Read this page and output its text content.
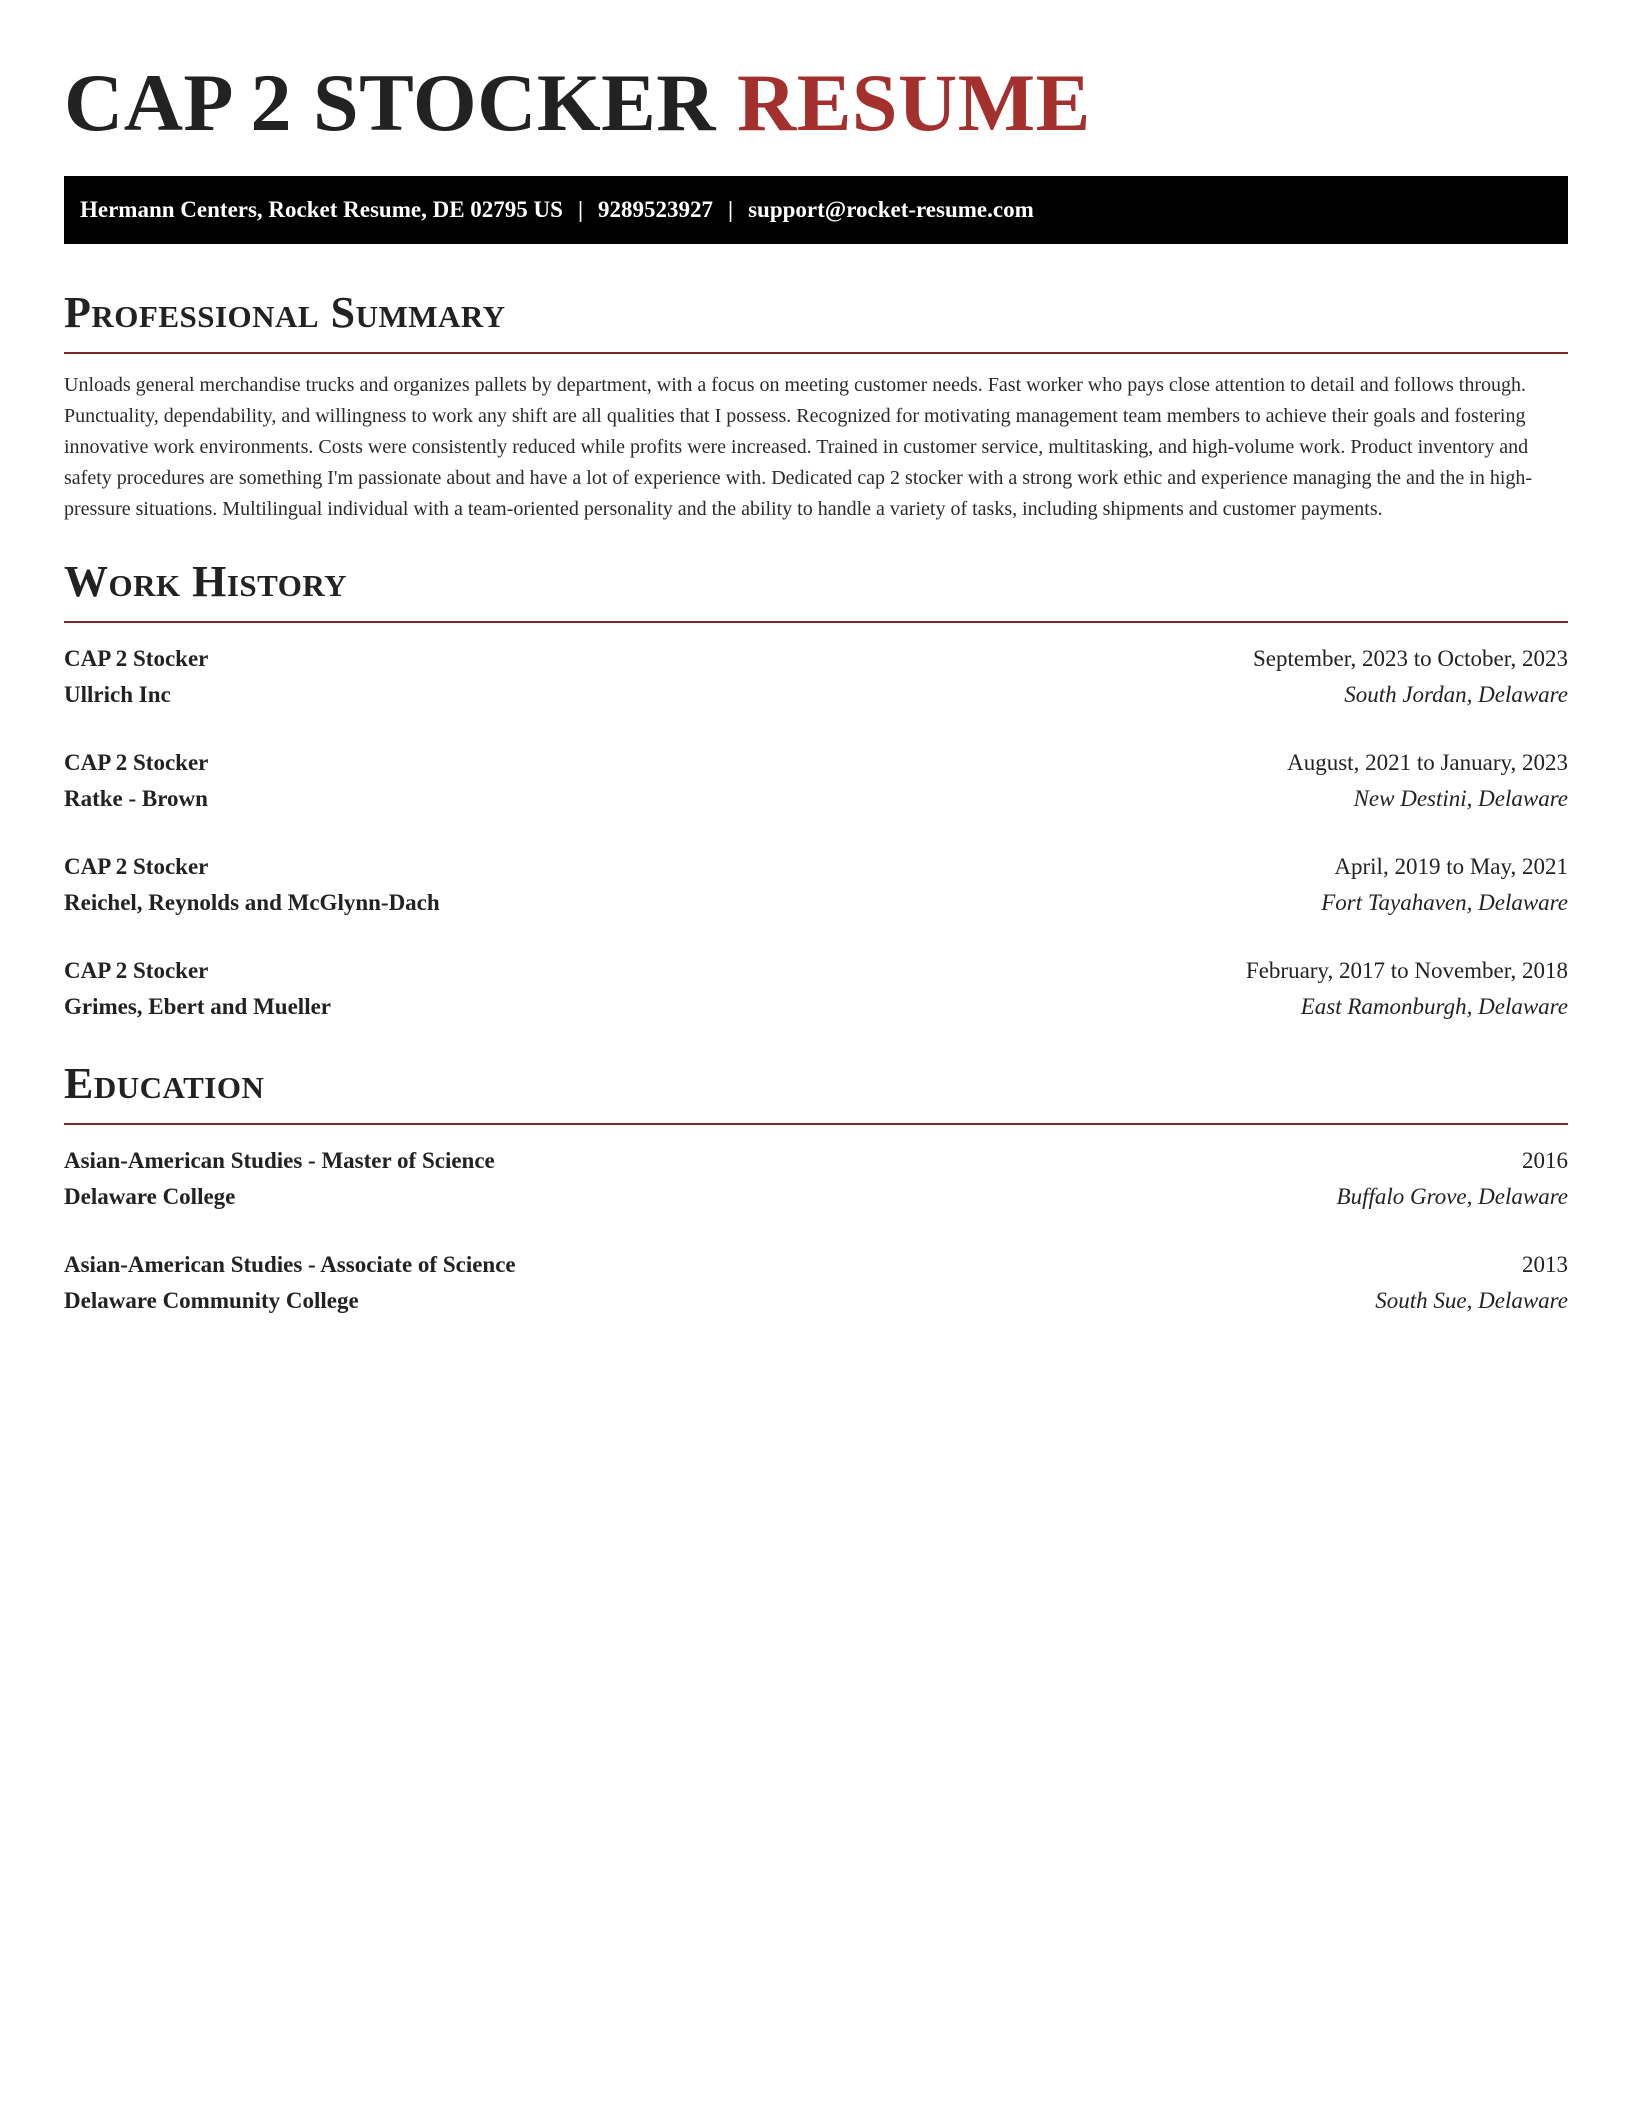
CAP 2 STOCKER RESUME
Hermann Centers, Rocket Resume, DE 02795 US | 9289523927 | support@rocket-resume.com
Professional Summary

Unloads general merchandise trucks and organizes pallets by department, with a focus on meeting customer needs. Fast worker who pays close attention to detail and follows through. Punctuality, dependability, and willingness to work any shift are all qualities that I possess. Recognized for motivating management team members to achieve their goals and fostering innovative work environments. Costs were consistently reduced while profits were increased. Trained in customer service, multitasking, and high-volume work. Product inventory and safety procedures are something I'm passionate about and have a lot of experience with. Dedicated cap 2 stocker with a strong work ethic and experience managing the and the in high-pressure situations. Multilingual individual with a team-oriented personality and the ability to handle a variety of tasks, including shipments and customer payments.

Work History
CAP 2 Stocker	September, 2023 to October, 2023
Ullrich Inc	South Jordan, Delaware
CAP 2 Stocker	August, 2021 to January, 2023
Ratke - Brown	New Destini, Delaware
CAP 2 Stocker	April, 2019 to May, 2021
Reichel, Reynolds and McGlynn-Dach	Fort Tayahaven, Delaware
CAP 2 Stocker	February, 2017 to November, 2018
Grimes, Ebert and Mueller	East Ramonburgh, Delaware
Education
Asian-American Studies - Master of Science	2016
Delaware College	Buffalo Grove, Delaware
Asian-American Studies - Associate of Science	2013
Delaware Community College	South Sue, Delaware
